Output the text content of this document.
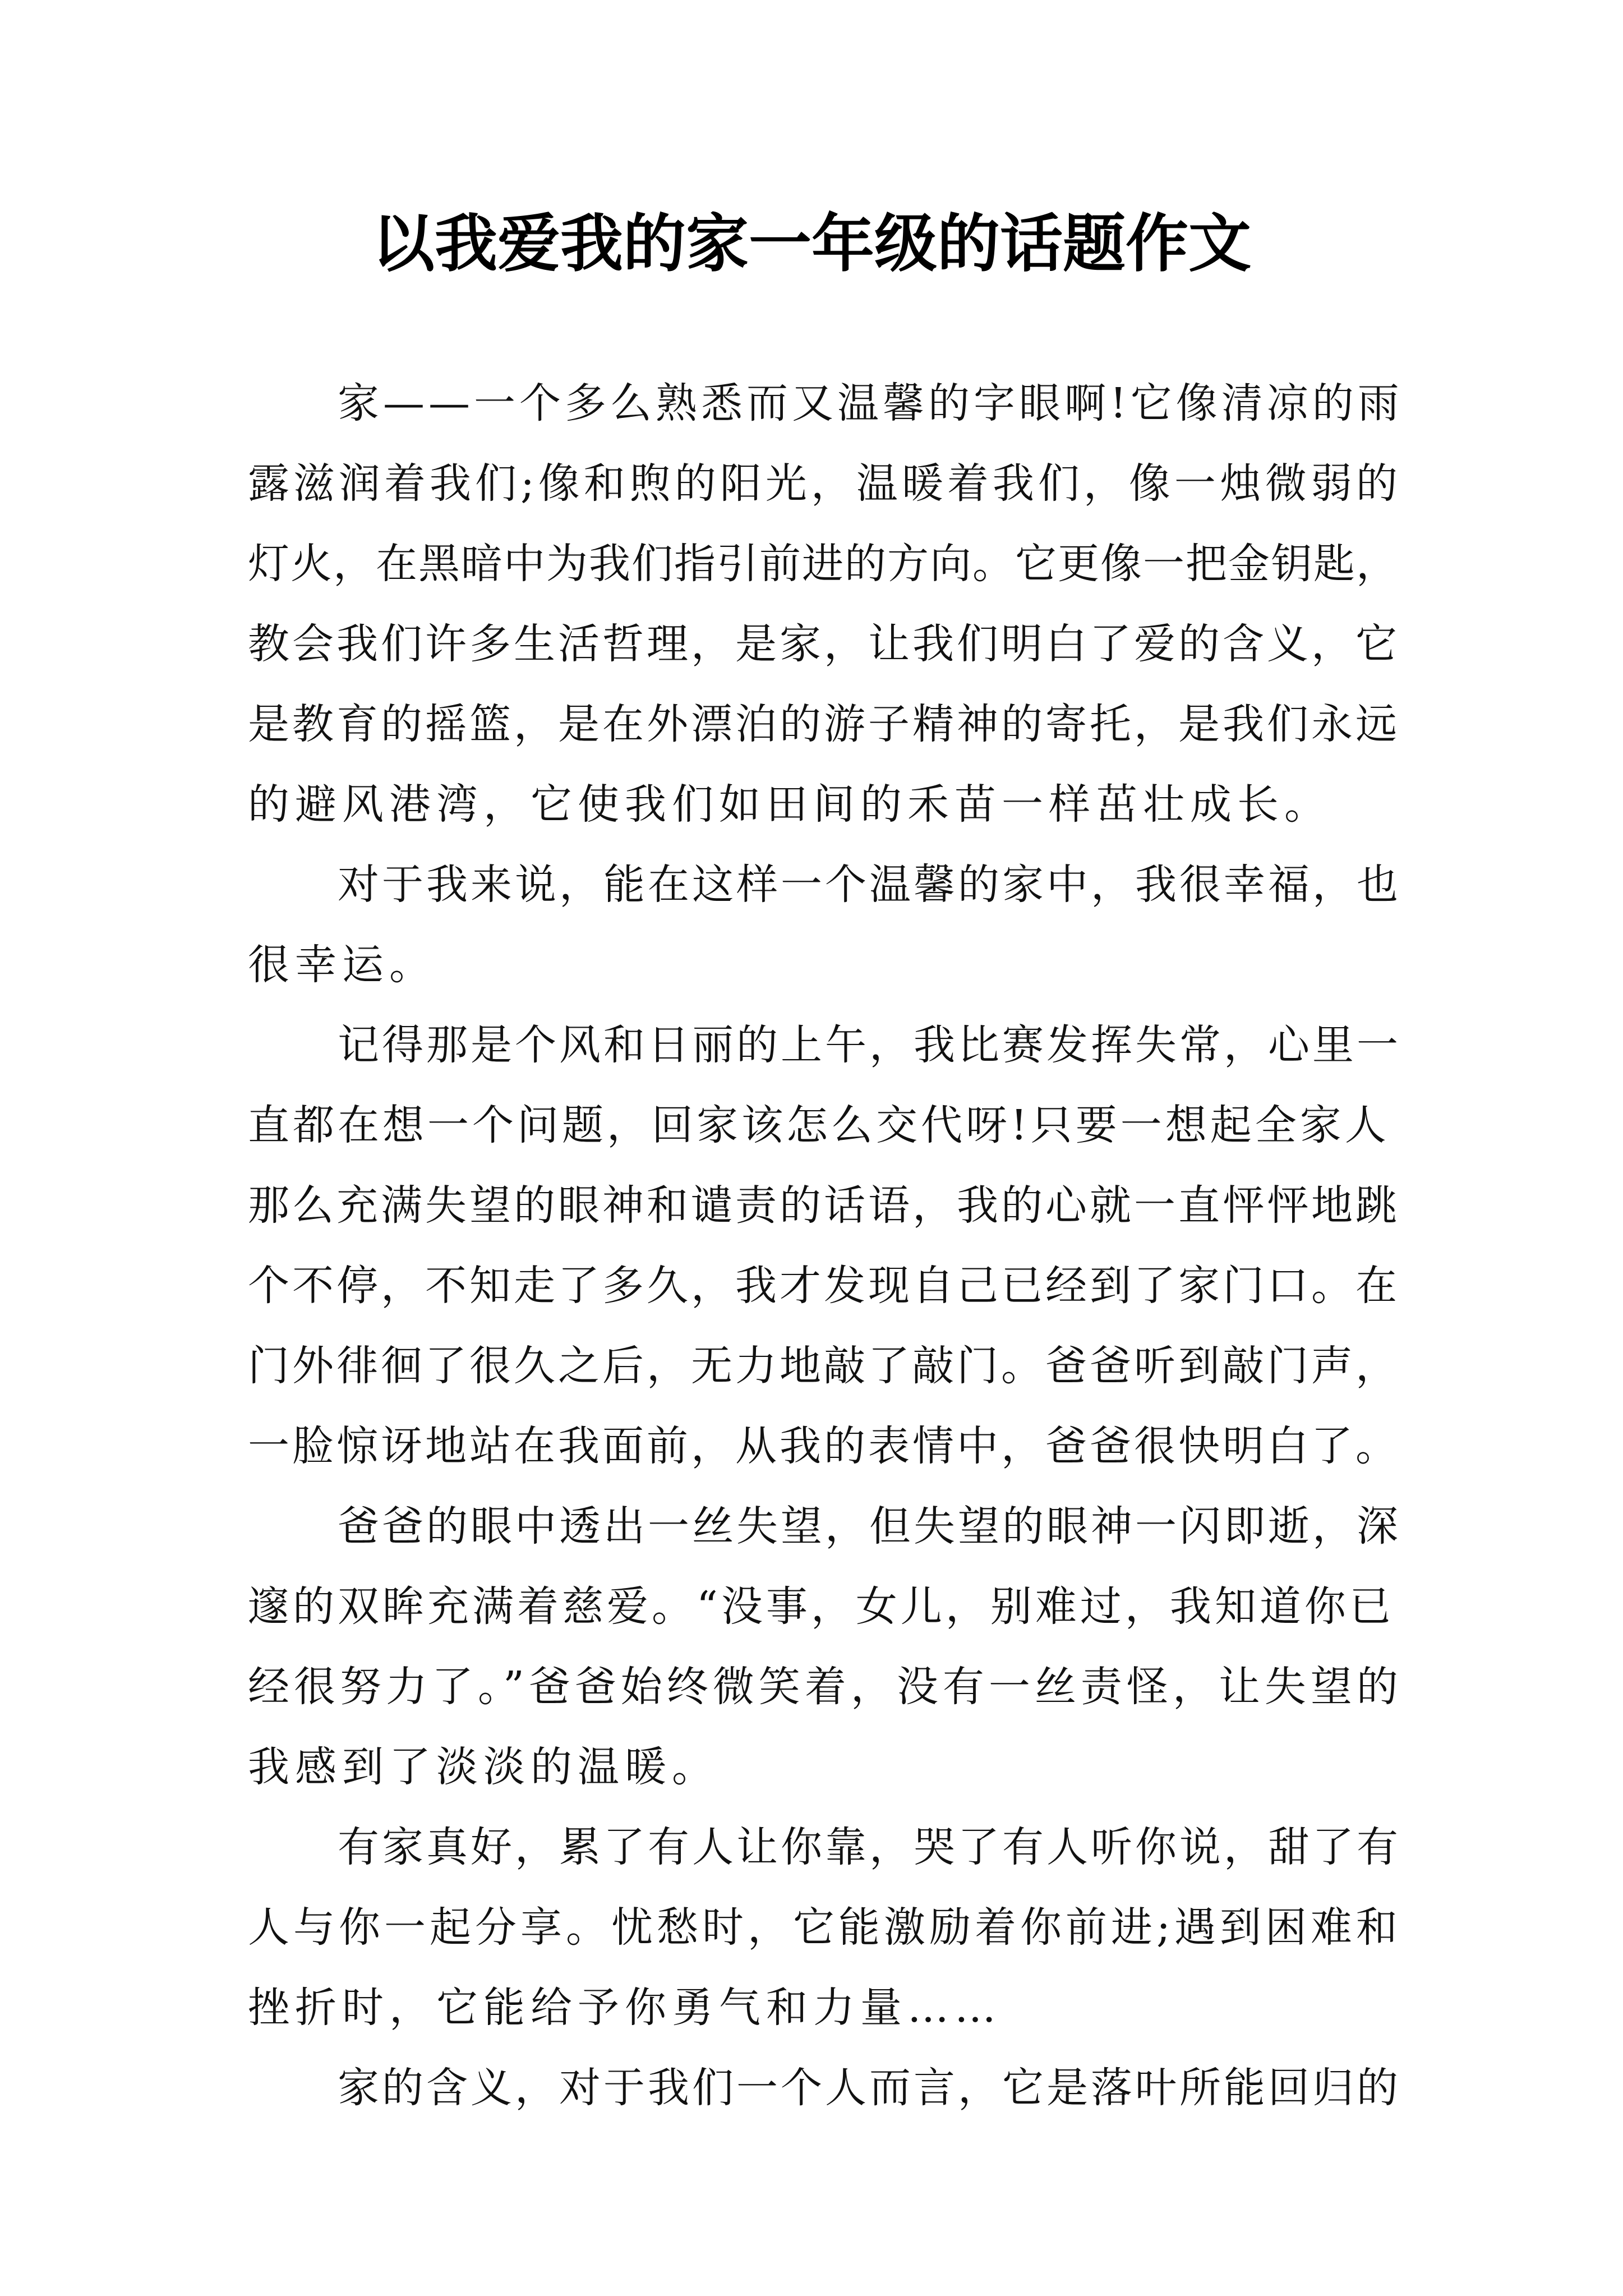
以我爱我的家一年级的话题作文

家——一个多么熟悉而又温馨的字眼啊!它像清凉的雨

露滋润着我们;像和煦的阳光，温暖着我们，像一烛微弱的

灯火，在黑暗中为我们指引前进的方向。它更像一把金钥匙，

教会我们许多生活哲理，是家，让我们明白了爱的含义，它

是教育的摇篮，是在外漂泊的游子精神的寄托，是我们永远

的避风港湾，它使我们如田间的禾苗一样茁壮成长。

对于我来说，能在这样一个温馨的家中，我很幸福，也

很幸运。

记得那是个风和日丽的上午，我比赛发挥失常，心里一

直都在想一个问题，回家该怎么交代呀!只要一想起全家人

那么充满失望的眼神和谴责的话语，我的心就一直怦怦地跳

个不停，不知走了多久，我才发现自己已经到了家门口。在

门外徘徊了很久之后，无力地敲了敲门。爸爸听到敲门声，

一脸惊讶地站在我面前，从我的表情中，爸爸很快明白了。

爸爸的眼中透出一丝失望，但失望的眼神一闪即逝，深

邃的双眸充满着慈爱。“没事，女儿，别难过，我知道你已

经很努力了。”爸爸始终微笑着，没有一丝责怪，让失望的

我感到了淡淡的温暖。

有家真好，累了有人让你靠，哭了有人听你说，甜了有

人与你一起分享。忧愁时，它能激励着你前进;遇到困难和

挫折时，它能给予你勇气和力量……

家的含义，对于我们一个人而言，它是落叶所能回归的
